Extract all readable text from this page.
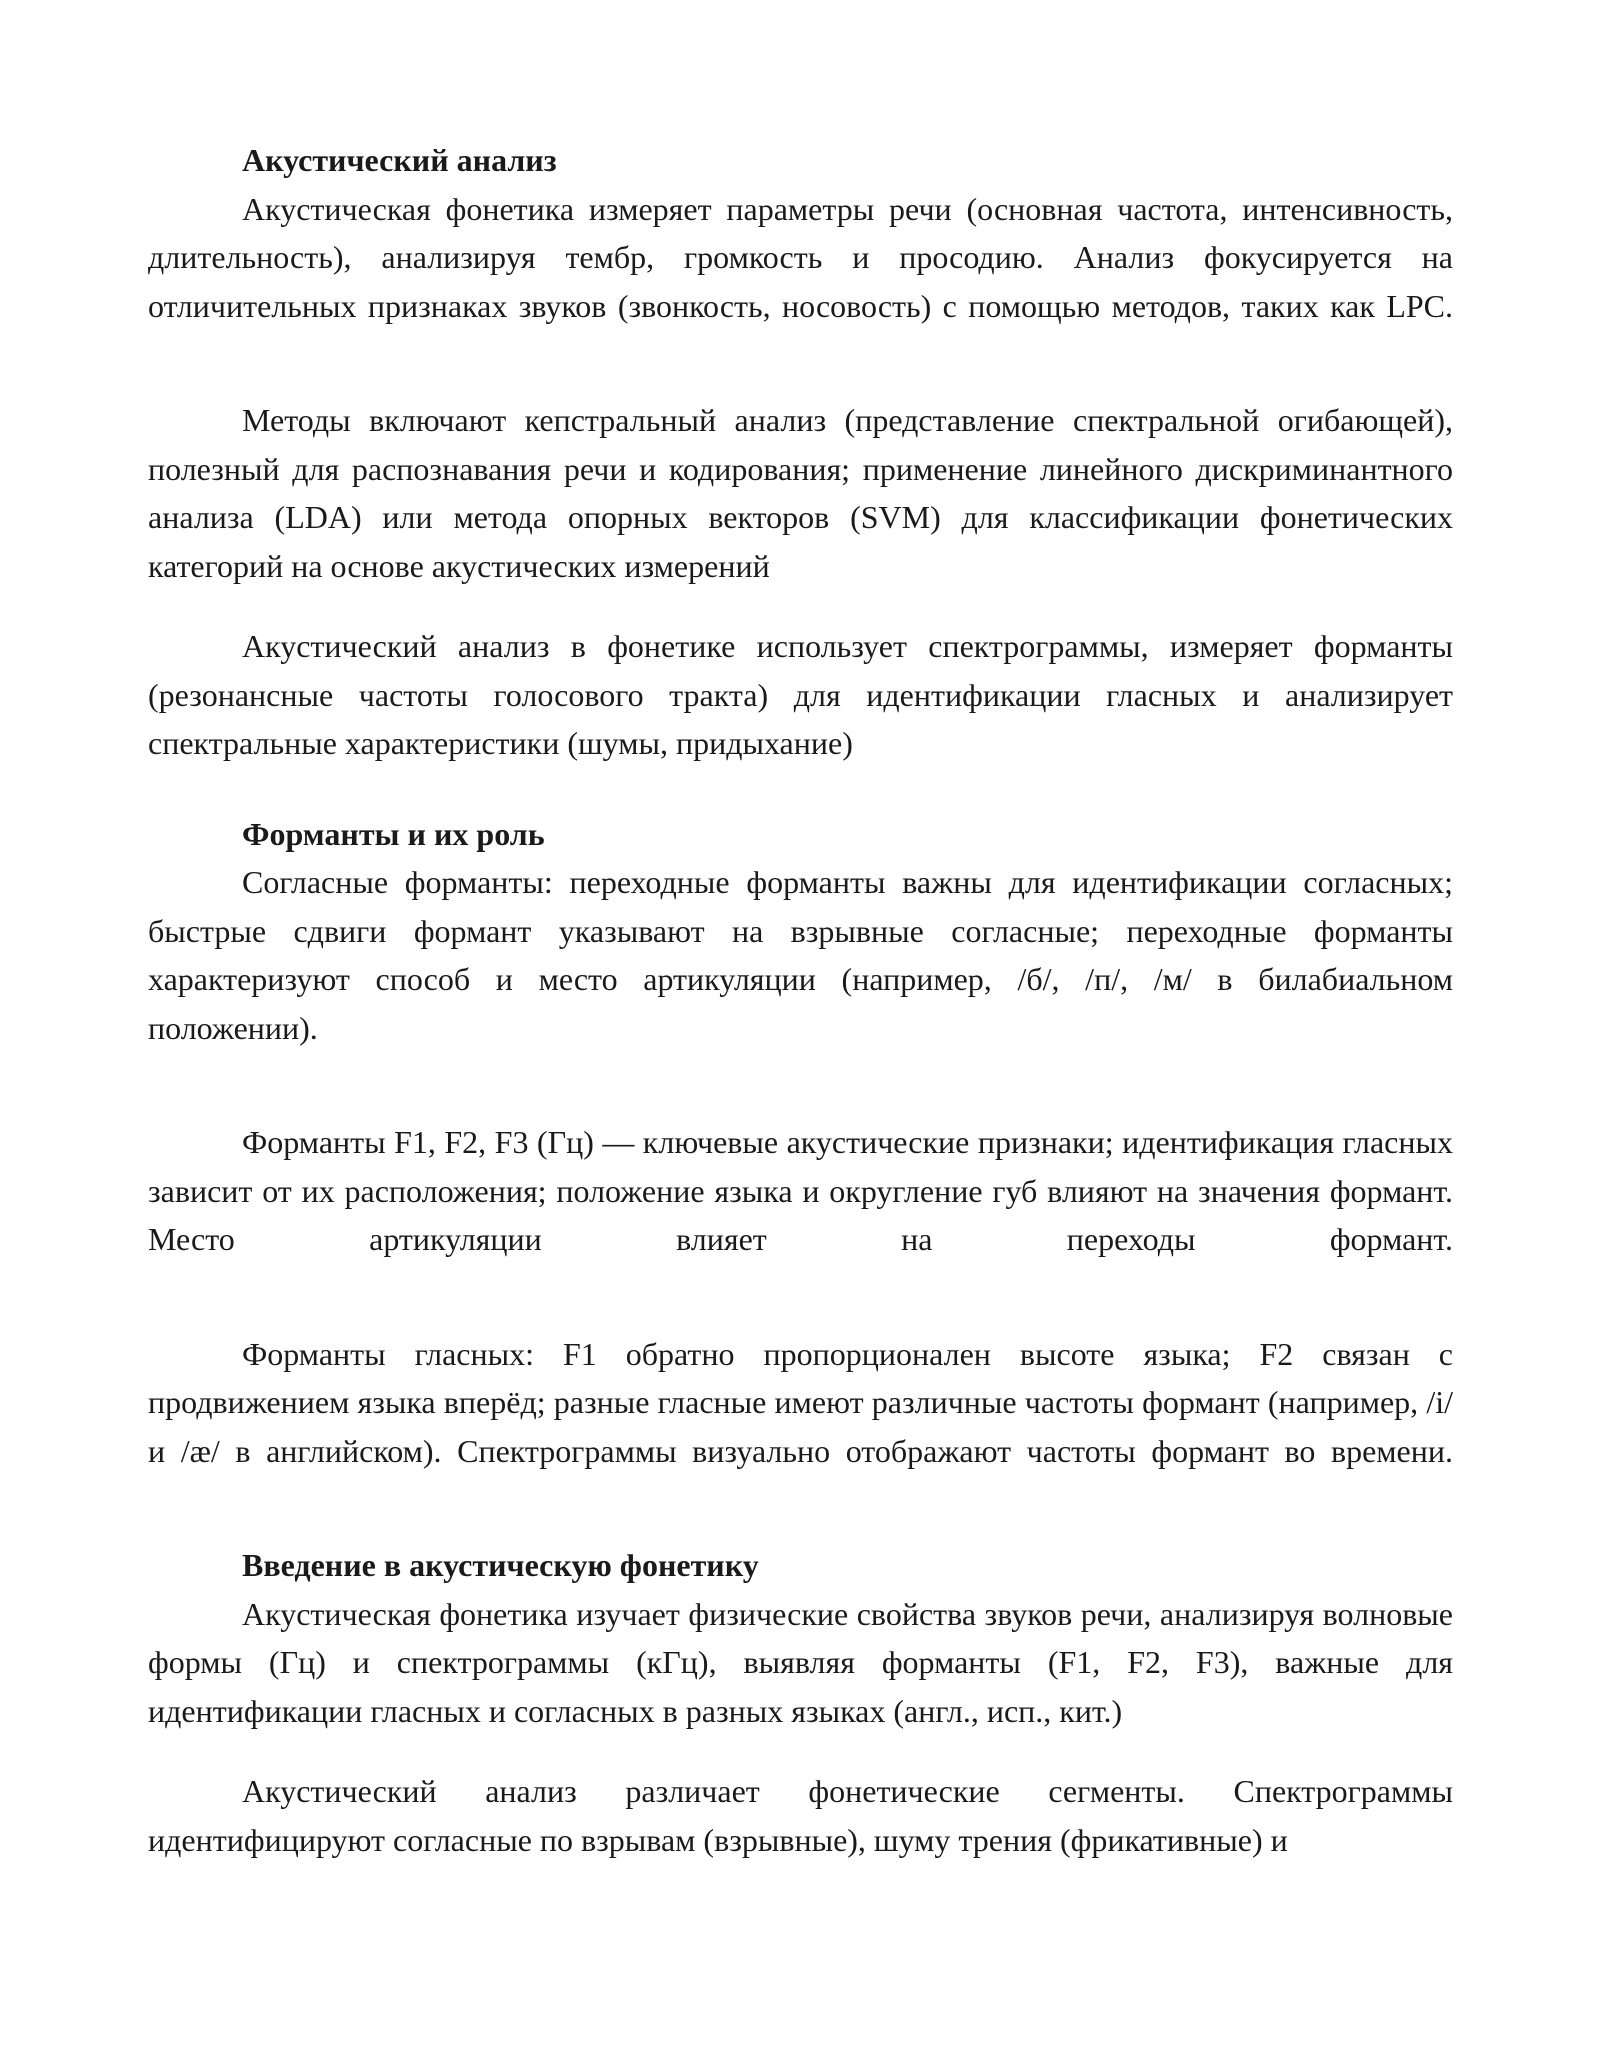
Акустический анализ

Акустическая фонетика измеряет параметры речи (основная частота, интенсивность, длительность), анализируя тембр, громкость и просодию. Анализ фокусируется на отличительных признаках звуков (звонкость, носовость) с помощью методов, таких как LPC.

Методы включают кепстральный анализ (представление спектральной огибающей), полезный для распознавания речи и кодирования; применение линейного дискриминантного анализа (LDA) или метода опорных векторов (SVM) для классификации фонетических категорий на основе акустических измерений

Акустический анализ в фонетике использует спектрограммы, измеряет форманты (резонансные частоты голосового тракта) для идентификации гласных и анализирует спектральные характеристики (шумы, придыхание)

Форманты и их роль

Согласные форманты: переходные форманты важны для идентификации согласных; быстрые сдвиги формант указывают на взрывные согласные; переходные форманты характеризуют способ и место артикуляции (например, /б/, /п/, /м/ в билабиальном положении).

Форманты F1, F2, F3 (Гц) — ключевые акустические признаки; идентификация гласных зависит от их расположения; положение языка и округление губ влияют на значения формант. Место артикуляции влияет на переходы формант.

Форманты гласных: F1 обратно пропорционален высоте языка; F2 связан с продвижением языка вперёд; разные гласные имеют различные частоты формант (например, /i/ и /æ/ в английском). Спектрограммы визуально отображают частоты формант во времени.

Введение в акустическую фонетику

Акустическая фонетика изучает физические свойства звуков речи, анализируя волновые формы (Гц) и спектрограммы (кГц), выявляя форманты (F1, F2, F3), важные для идентификации гласных и согласных в разных языках (англ., исп., кит.)

Акустический анализ различает фонетические сегменты. Спектрограммы идентифицируют согласные по взрывам (взрывные), шуму трения (фрикативные) и
